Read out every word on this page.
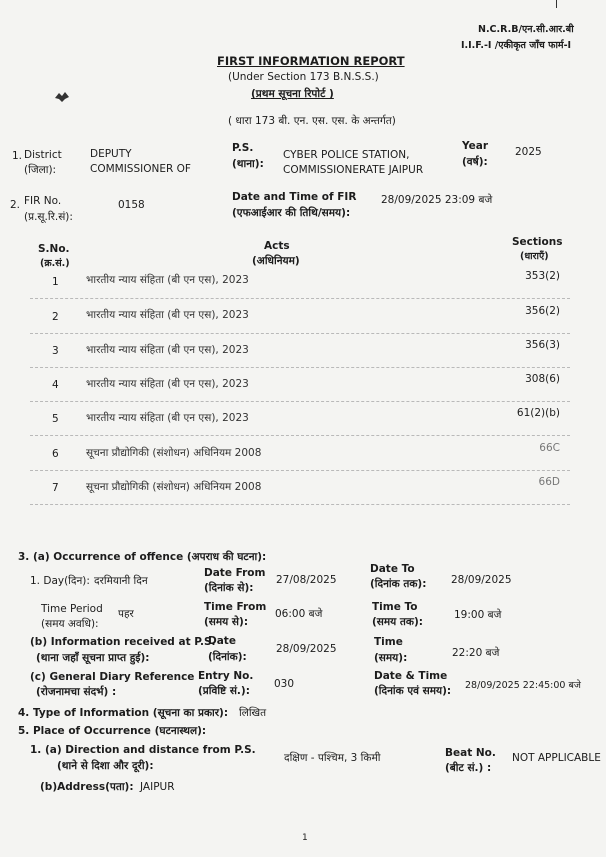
N.C.R.B/एन.सी.आर.बी
I.I.F.-I /एकीकृत जाँच फार्म-I
FIRST INFORMATION REPORT
(Under Section 173 B.N.S.S.)
(प्रथम सूचना रिपोर्ट )
( धारा 173 बी. एन. एस. एस. के अन्तर्गत)
1. District
(जिला):
DEPUTY
COMMISSIONER OF
P.S.
(थाना):
CYBER POLICE STATION,
COMMISSIONERATE JAIPUR
Year
(वर्ष):
2025
2. FIR No.
(प्र.सू.रि.सं):
0158
Date and Time of FIR
(एफआईआर की तिथि/समय):
28/09/2025 23:09 बजे
S.No.
(क्र.सं.)
Acts
(अधिनियम)
Sections
(धाराएँ)
1	भारतीय न्याय संहिता (बी एन एस), 2023	353(2)
2	भारतीय न्याय संहिता (बी एन एस), 2023	356(2)
3	भारतीय न्याय संहिता (बी एन एस), 2023	356(3)
4	भारतीय न्याय संहिता (बी एन एस), 2023	308(6)
5	भारतीय न्याय संहिता (बी एन एस), 2023	61(2)(b)
6	सूचना प्रौद्योगिकी (संशोधन) अधिनियम 2008	66C
7	सूचना प्रौद्योगिकी (संशोधन) अधिनियम 2008	66D
3. (a) Occurrence of offence (अपराध की घटना):
1. Day(दिन): दरमियानी दिन
Date From
(दिनांक से):
27/08/2025
Date To
(दिनांक तक): 28/09/2025
Time Period
(समय अवधि):
पहर
Time From
(समय से):
06:00 बजे
Time To
(समय तक):
19:00 बजे
(b) Information received at P.S.
(थाना जहाँ सूचना प्राप्त हुई):
Date
(दिनांक):
28/09/2025
Time
(समय):	22:20 बजे
(c) General Diary Reference
(रोजनामचा संदर्भ) :
Entry No.
(प्रविष्टि सं.):
030
Date & Time
(दिनांक एवं समय): 28/09/2025 22:45:00 बजे
4. Type of Information (सूचना का प्रकार): लिखित
5. Place of Occurrence (घटनास्थल):
1. (a) Direction and distance from P.S.
(थाने से दिशा और दूरी):
दक्षिण - पश्चिम, 3 किमी	Beat No.
(बीट सं.) :
NOT APPLICABLE
(b)Address(पता): JAIPUR
1
